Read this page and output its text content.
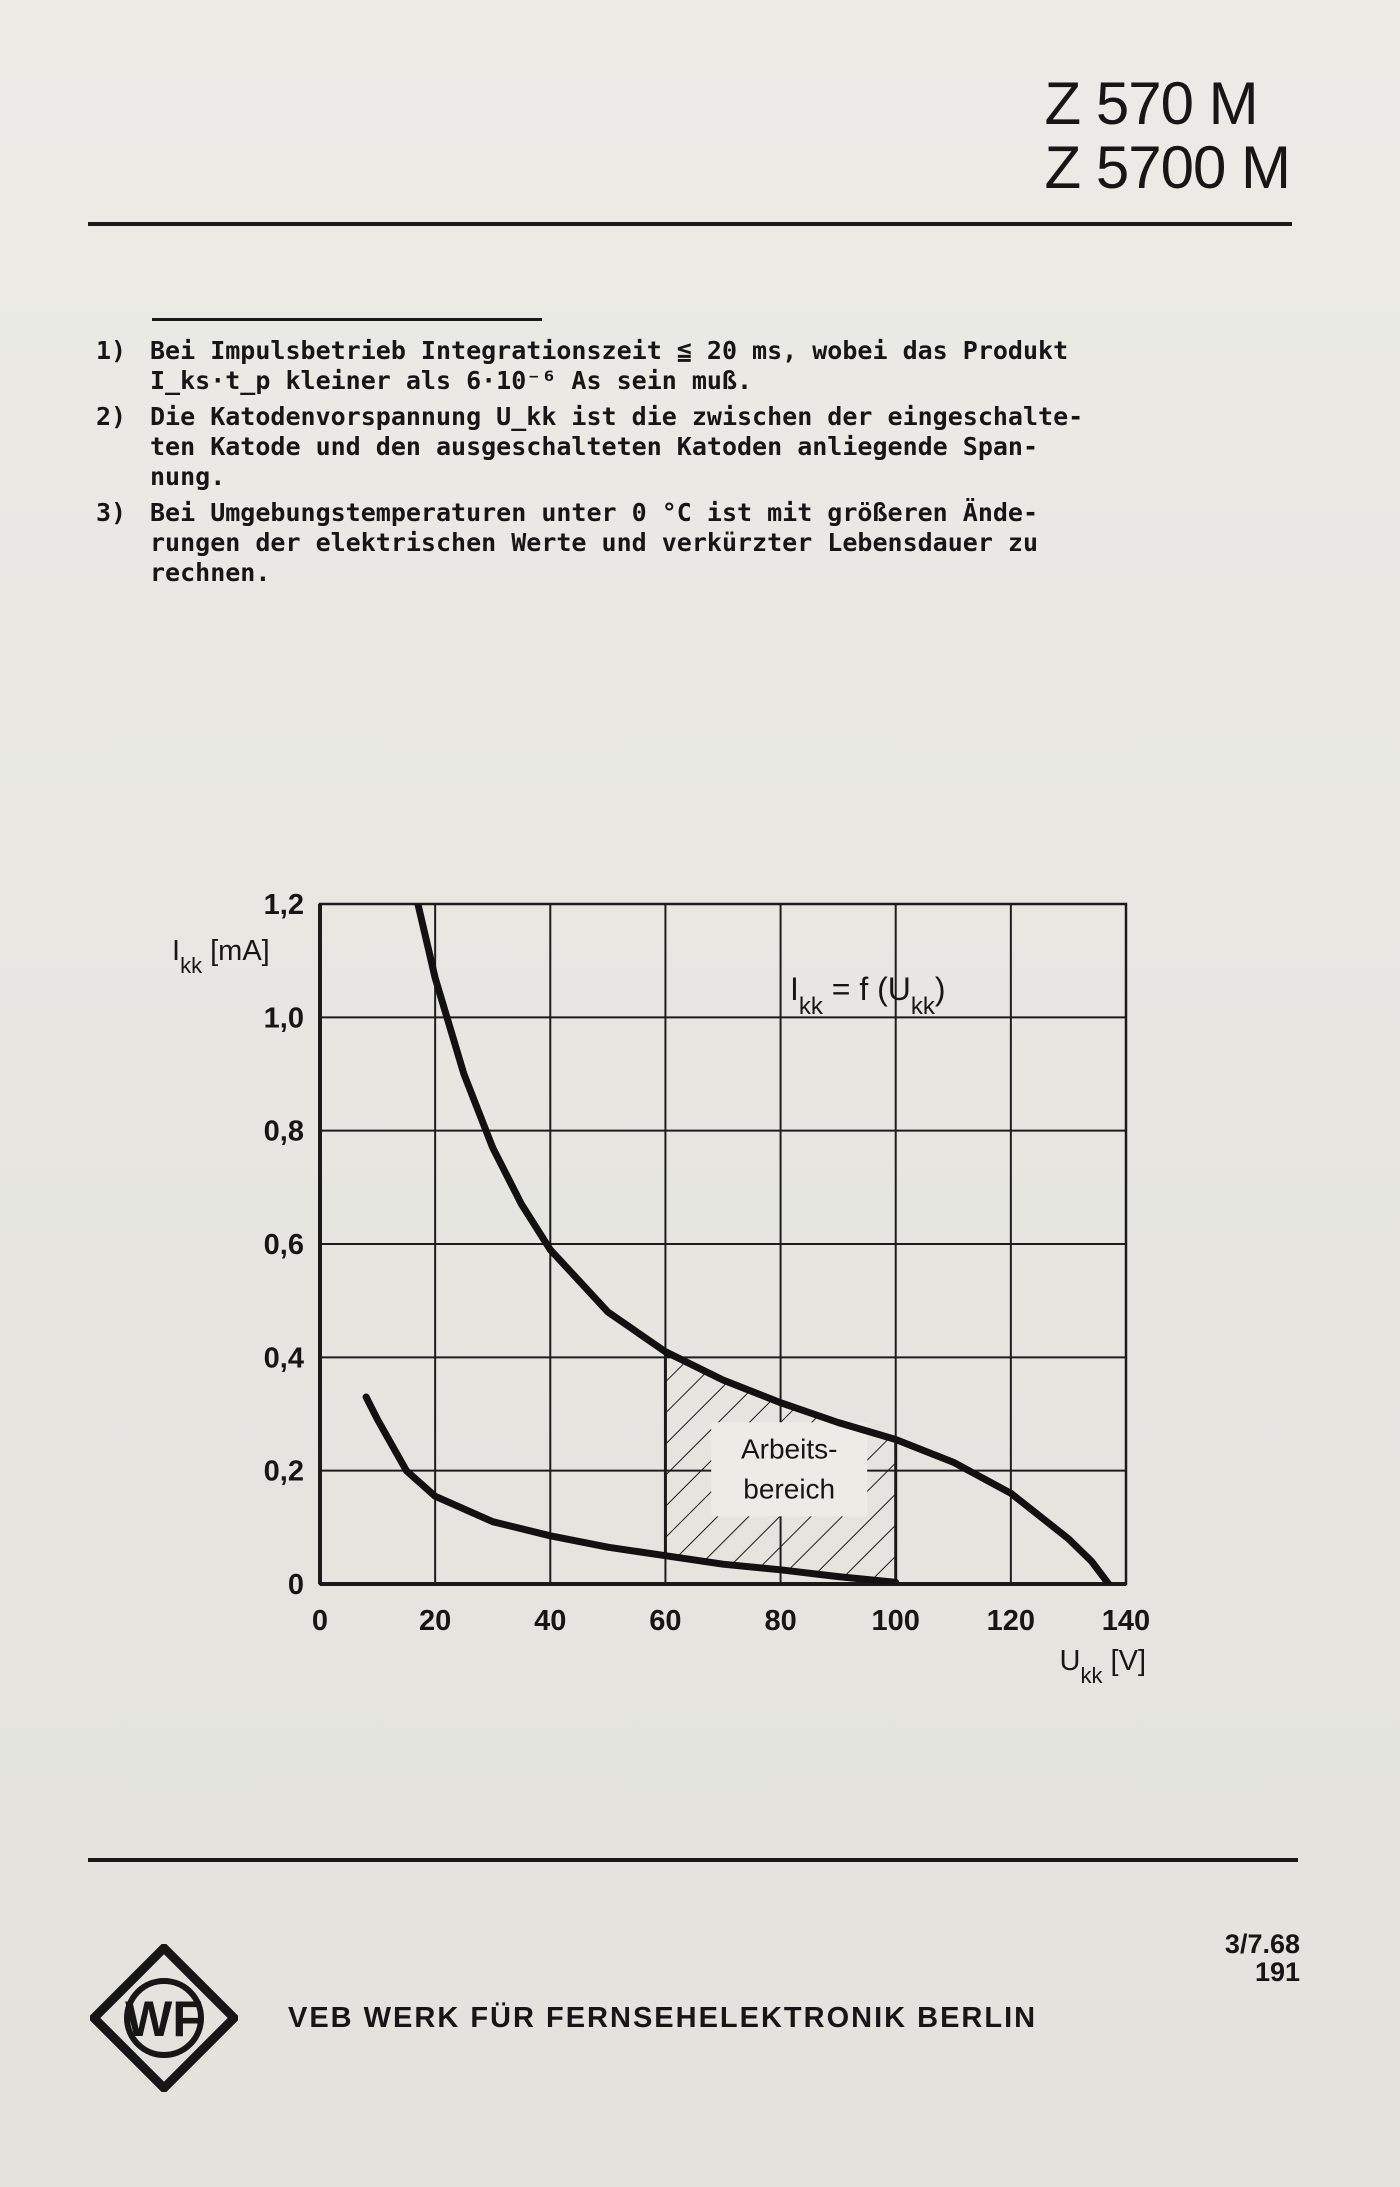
Z 570 M
Z 5700 M
1) Bei Impulsbetrieb Integrationszeit ≦ 20 ms, wobei das Produkt
I_ks·t_p kleiner als 6·10⁻⁶ As sein muß.
2) Die Katodenvorspannung U_kk ist die zwischen der eingeschalte-
ten Katode und den ausgeschalteten Katoden anliegende Span-
nung.
3) Bei Umgebungstemperaturen unter 0 °C ist mit größeren Ände-
rungen der elektrischen Werte und verkürzter Lebensdauer zu
rechnen.
0	20	40	60	80	100 120 140
0
0,2
0,4
0,6
0,8
1,0
1,2
Arbeits-
bereich
$I_{kk} = f$ $(U_{kk})$
$I_{kk}$ [mA]
$U_{kk}$ [V]
WF	VEB WERK FÜR FERNSEHELEKTRONIK BERLIN
3/7.68
191
